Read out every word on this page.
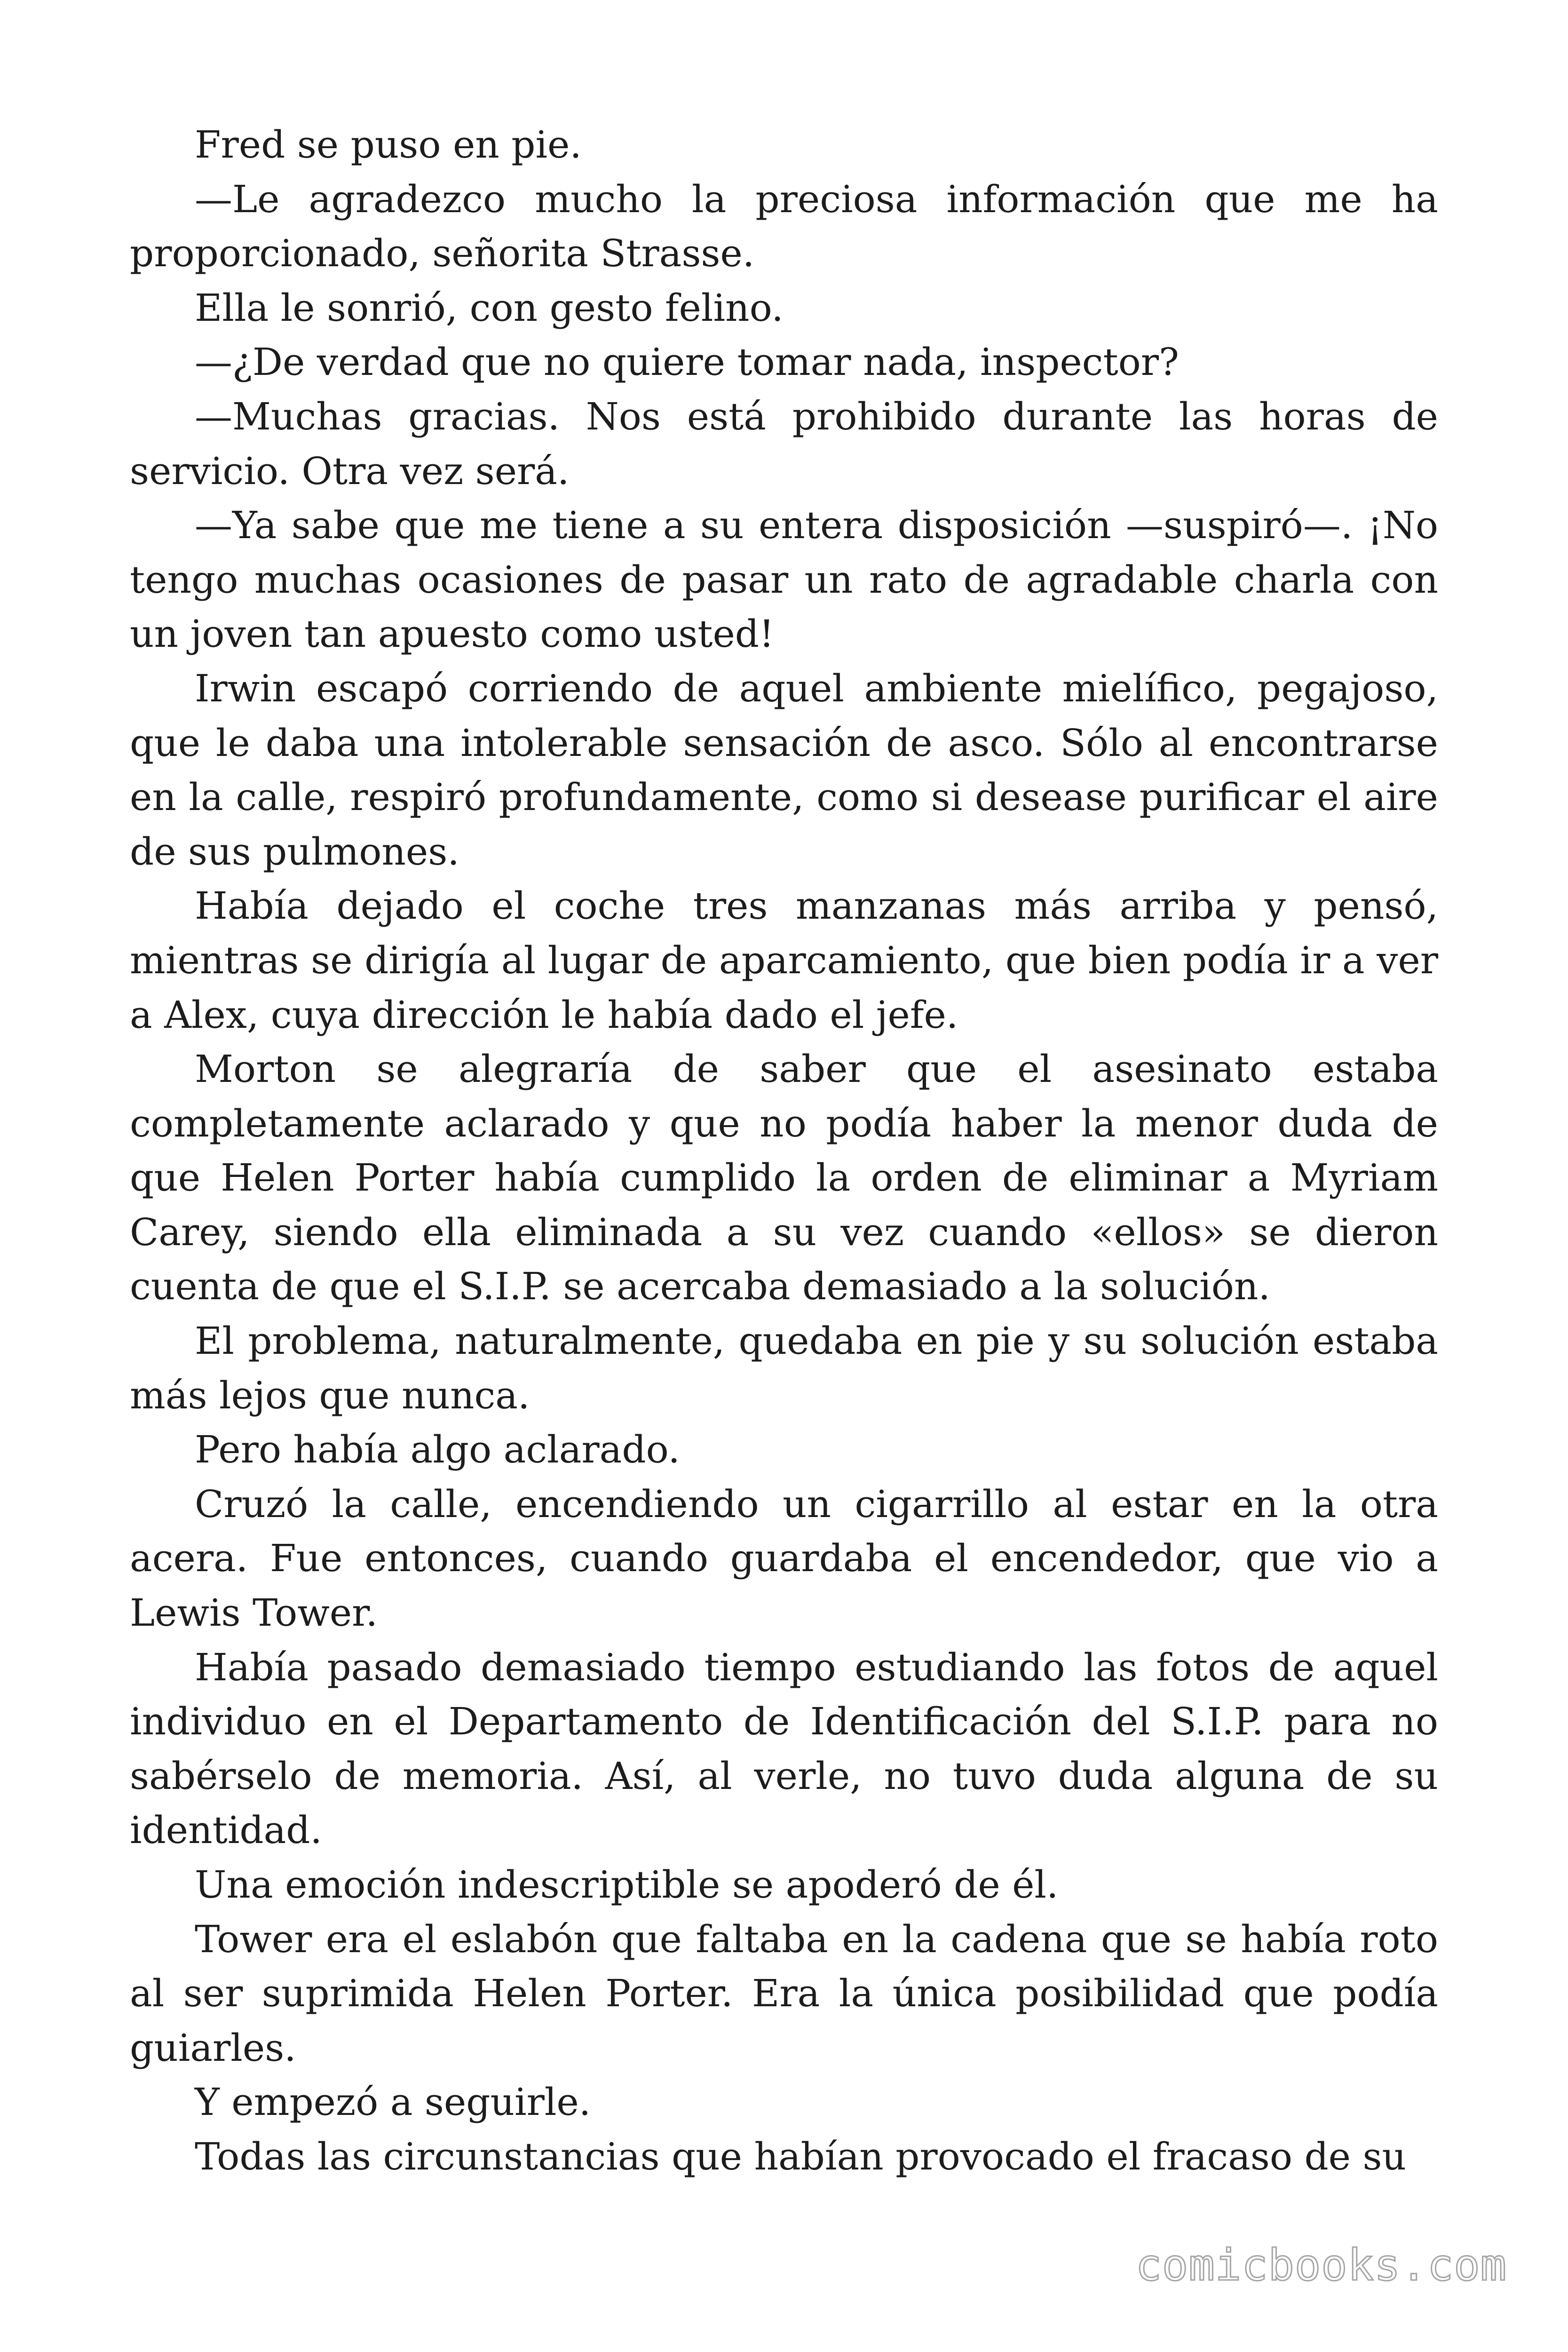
Fred se puso en pie.

—Le agradezco mucho la preciosa información que me ha proporcionado, señorita Strasse.

Ella le sonrió, con gesto felino.

—¿De verdad que no quiere tomar nada, inspector?

—Muchas gracias. Nos está prohibido durante las horas de servicio. Otra vez será.

—Ya sabe que me tiene a su entera disposición —suspiró—. ¡No tengo muchas ocasiones de pasar un rato de agradable charla con un joven tan apuesto como usted!

Irwin escapó corriendo de aquel ambiente mielífico, pegajoso, que le daba una intolerable sensación de asco. Sólo al encontrarse en la calle, respiró profundamente, como si desease purificar el aire de sus pulmones.

Había dejado el coche tres manzanas más arriba y pensó, mientras se dirigía al lugar de aparcamiento, que bien podía ir a ver a Alex, cuya dirección le había dado el jefe.

Morton se alegraría de saber que el asesinato estaba completamente aclarado y que no podía haber la menor duda de que Helen Porter había cumplido la orden de eliminar a Myriam Carey, siendo ella eliminada a su vez cuando «ellos» se dieron cuenta de que el S.I.P. se acercaba demasiado a la solución.

El problema, naturalmente, quedaba en pie y su solución estaba más lejos que nunca.

Pero había algo aclarado.

Cruzó la calle, encendiendo un cigarrillo al estar en la otra acera. Fue entonces, cuando guardaba el encendedor, que vio a Lewis Tower.

Había pasado demasiado tiempo estudiando las fotos de aquel individuo en el Departamento de Identificación del S.I.P. para no sabérselo de memoria. Así, al verle, no tuvo duda alguna de su identidad.

Una emoción indescriptible se apoderó de él.

Tower era el eslabón que faltaba en la cadena que se había roto al ser suprimida Helen Porter. Era la única posibilidad que podía guiarles.

Y empezó a seguirle.

Todas las circunstancias que habían provocado el fracaso de su

comicbooks.com
